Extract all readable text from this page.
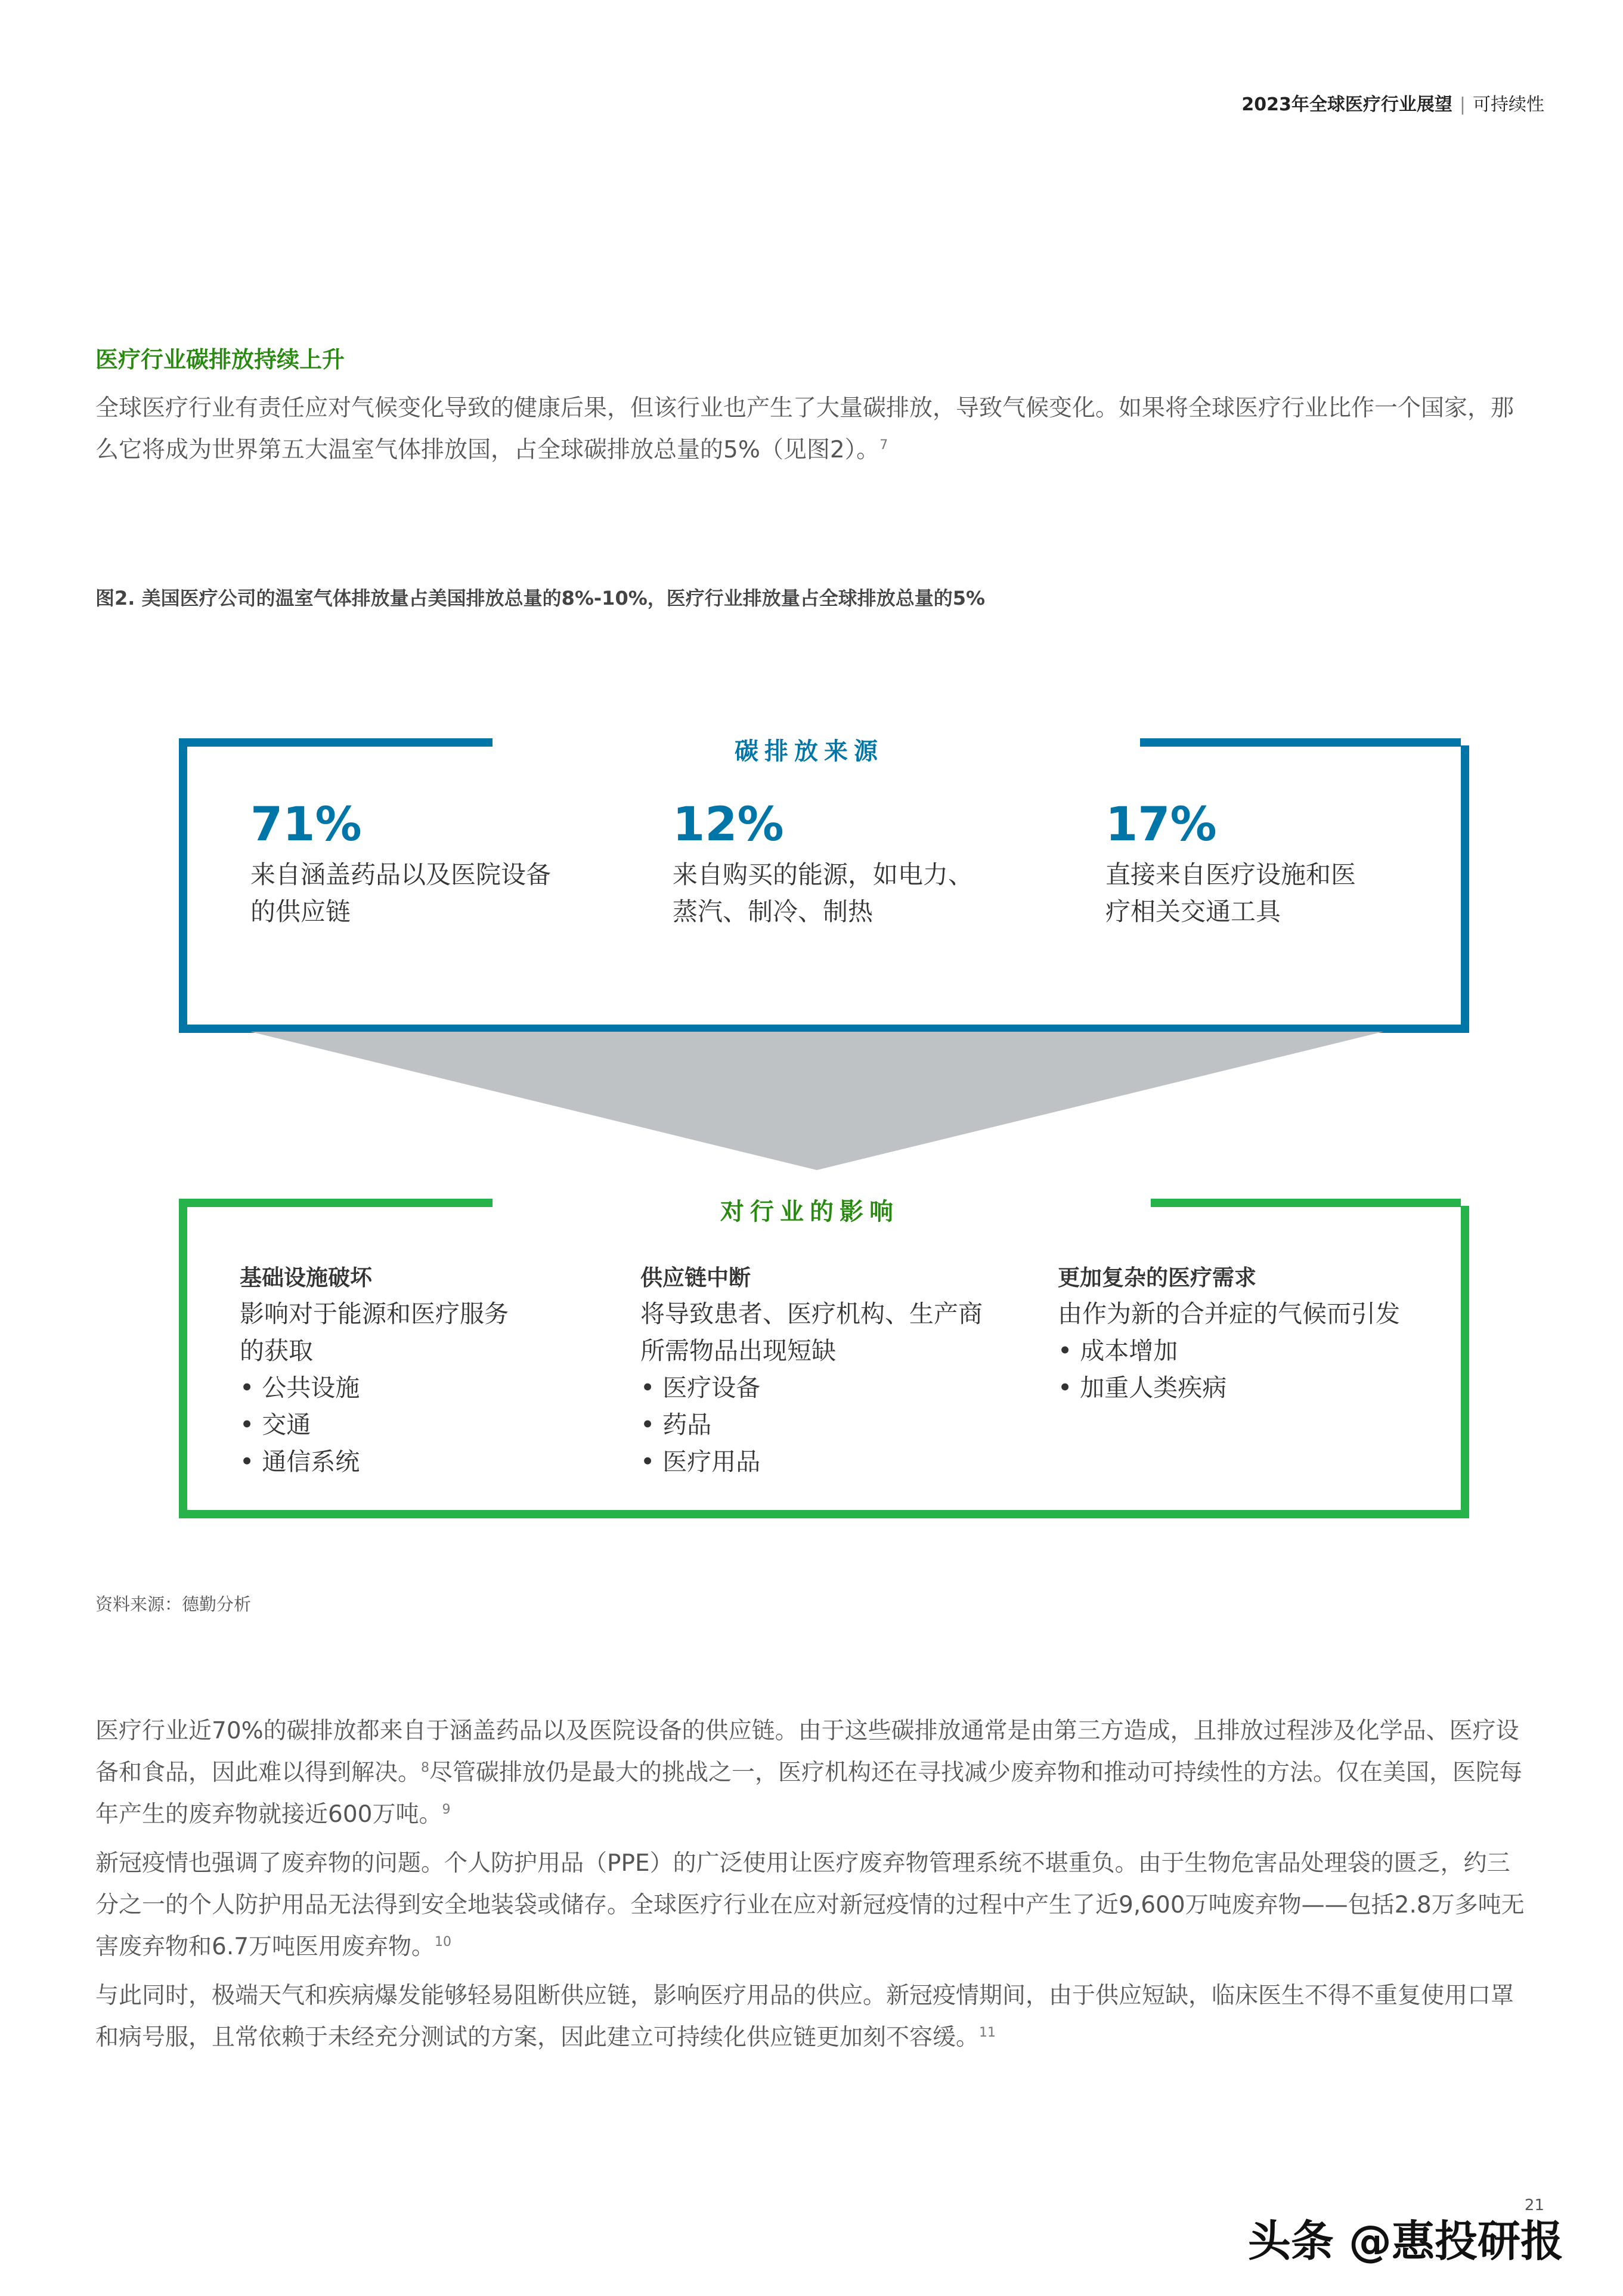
2023年全球医疗行业展望 | 可持续性
医疗行业碳排放持续上升
全球医疗行业有责任应对气候变化导致的健康后果，但该行业也产生了大量碳排放，导致气候变化。如果将全球医疗行业比作一个国家，那么它将成为世界第五大温室气体排放国，占全球碳排放总量的5%（见图2）。$^7$
图2. 美国医疗公司的温室气体排放量占美国排放总量的8%-10%，医疗行业排放量占全球排放总量的5%
碳排放来源
71%
来自涵盖药品以及医院设备
的供应链
12%
来自购买的能源，如电力、
蒸汽、制冷、制热
17%
直接来自医疗设施和医
疗相关交通工具
对行业的影响
基础设施破坏
影响对于能源和医疗服务
的获取
• 公共设施
• 交通
• 通信系统
供应链中断
将导致患者、医疗机构、生产商
所需物品出现短缺
• 医疗设备
• 药品
• 医疗用品
更加复杂的医疗需求
由作为新的合并症的气候而引发
• 成本增加
• 加重人类疾病
资料来源：德勤分析
医疗行业近70%的碳排放都来自于涵盖药品以及医院设备的供应链。由于这些碳排放通常是由第三方造成，且排放过程涉及化学品、医疗设备和食品，因此难以得到解决。$^8$尽管碳排放仍是最大的挑战之一，医疗机构还在寻找减少废弃物和推动可持续性的方法。仅在美国，医院每年产生的废弃物就接近600万吨。$^9$
新冠疫情也强调了废弃物的问题。个人防护用品（PPE）的广泛使用让医疗废弃物管理系统不堪重负。由于生物危害品处理袋的匮乏，约三分之一的个人防护用品无法得到安全地装袋或储存。全球医疗行业在应对新冠疫情的过程中产生了近9,600万吨废弃物——包括2.8万多吨无害废弃物和6.7万吨医用废弃物。$^{10}$
与此同时，极端天气和疾病爆发能够轻易阻断供应链，影响医疗用品的供应。新冠疫情期间，由于供应短缺，临床医生不得不重复使用口罩和病号服，且常依赖于未经充分测试的方案，因此建立可持续化供应链更加刻不容缓。$^{11}$
21
头条 @惠投研报
